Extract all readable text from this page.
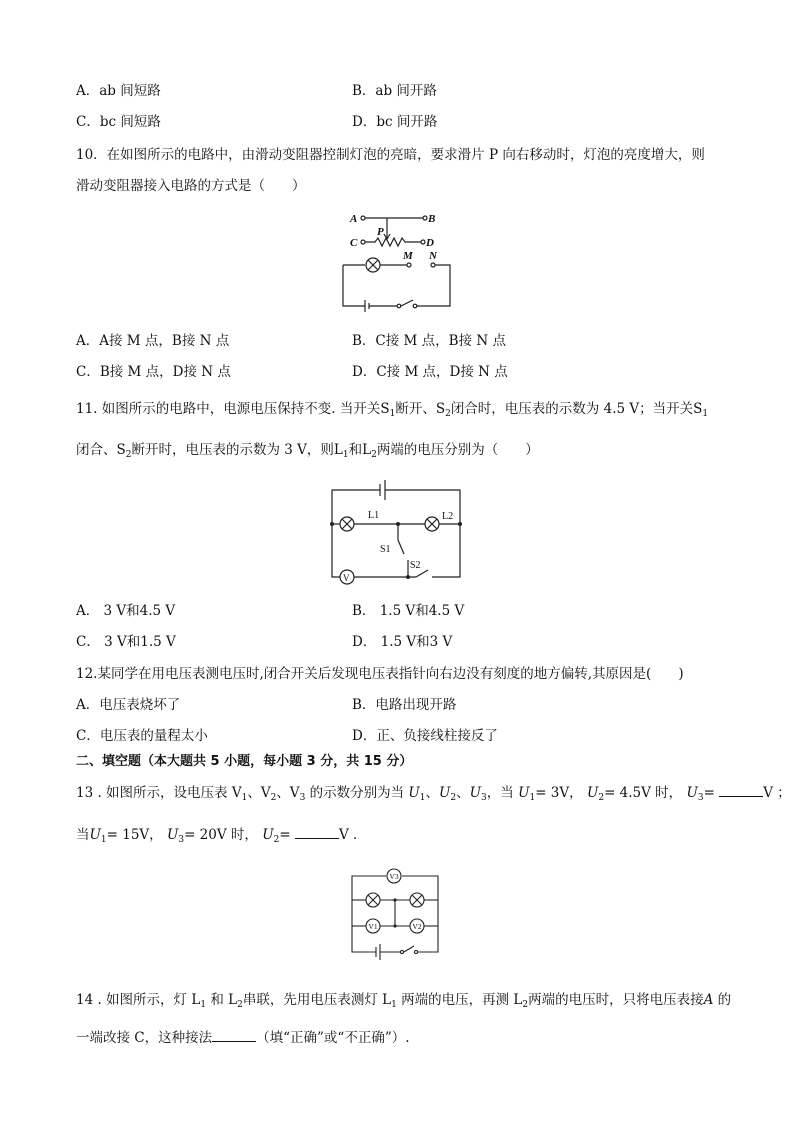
A．ab 间短路	B．ab 间开路
C．bc 间短路	D．bc 间开路
10．在如图所示的电路中，由滑动变阻器控制灯泡的亮暗，要求滑片 P 向右移动时，灯泡的亮度增大，则
滑动变阻器接入电路的方式是（　　）
A	B
P
C	D
M N
A．A接 M 点，B接 N 点	B．C接 M 点，B接 N 点
C．B接 M 点，D接 N 点	D．C接 M 点，D接 N 点
11. 如图所示的电路中，电源电压保持不变. 当开关$S_1$断开、$S_2$闭合时，电压表的示数为 4.5 V；当开关$S_1$
闭合、$S_2$断开时，电压表的示数为 3 V，则$L_1$和$L_2$两端的电压分别为（　　）
L1	L2
S1
S2
V
A． 3 V和4.5 V	B． 1.5 V和4.5 V
C． 3 V和1.5 V	D． 1.5 V和3 V
12.某同学在用电压表测电压时,闭合开关后发现电压表指针向右边没有刻度的地方偏转,其原因是(　　)
A．电压表烧坏了	B．电路出现开路
C．电压表的量程太小	D．正、负接线柱接反了
二、填空题（本大题共 5 小题，每小题 3 分，共 15 分）
13 . 如图所示，设电压表 $V_1$、$V_2$、$V_3$ 的示数分别为当 $U_1$、$U_2$、$U_3$，当 $U_1= 3V$， $U_2= 4.5V$ 时， $U_3=$	V ；
当$U_1= 15V$， $U_3= 20V$ 时， $U_2=$	V ．
V3
V1	V2
14 . 如图所示，灯 $L_1$ 和 $L_2$串联，先用电压表测灯 $L_1$ 两端的电压，再测 $L_2$两端的电压时，只将电压表接A 的
一端改接 C，这种接法	（填“正确”或“不正确”）.
